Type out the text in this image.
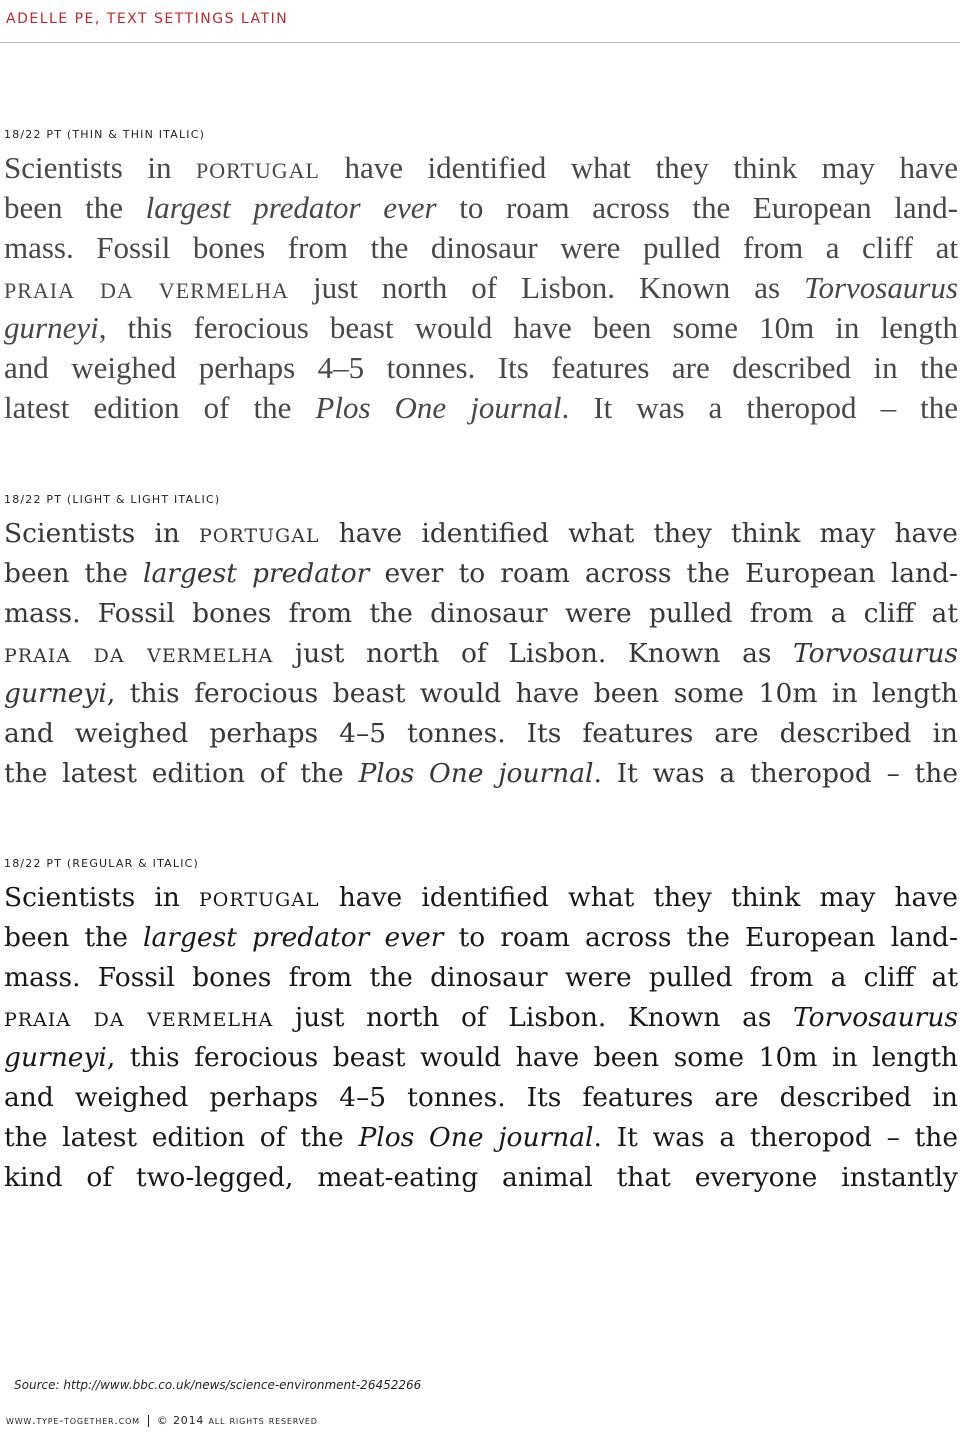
ADELLE PE, TEXT SETTINGS LATIN
18/22 PT (THIN & THIN ITALIC)
Scientists in portugal have identified what they think may have
been the largest predator ever to roam across the European land-
mass. Fossil bones from the dinosaur were pulled from a cliff at
praia da vermelha just north of Lisbon. Known as Torvosaurus
gurneyi, this ferocious beast would have been some 10m in length
and weighed perhaps 4–5 tonnes. Its features are described in the
latest edition of the Plos One journal. It was a theropod – the
18/22 PT (LIGHT & LIGHT ITALIC)
Scientists in portugal have identified what they think may have
been the largest predator ever to roam across the European land-
mass. Fossil bones from the dinosaur were pulled from a cliff at
praia da vermelha just north of Lisbon. Known as Torvosaurus
gurneyi, this ferocious beast would have been some 10m in length
and weighed perhaps 4–5 tonnes. Its features are described in
the latest edition of the Plos One journal. It was a theropod – the
18/22 PT (REGULAR & ITALIC)
Scientists in portugal have identified what they think may have
been the largest predator ever to roam across the European land-
mass. Fossil bones from the dinosaur were pulled from a cliff at
praia da vermelha just north of Lisbon. Known as Torvosaurus
gurneyi, this ferocious beast would have been some 10m in length
and weighed perhaps 4–5 tonnes. Its features are described in
the latest edition of the Plos One journal. It was a theropod – the
kind of two-legged, meat-eating animal that everyone instantly
Source: http://www.bbc.co.uk/news/science-environment-26452266
www.type-together.com © 2014 all rights reserved
